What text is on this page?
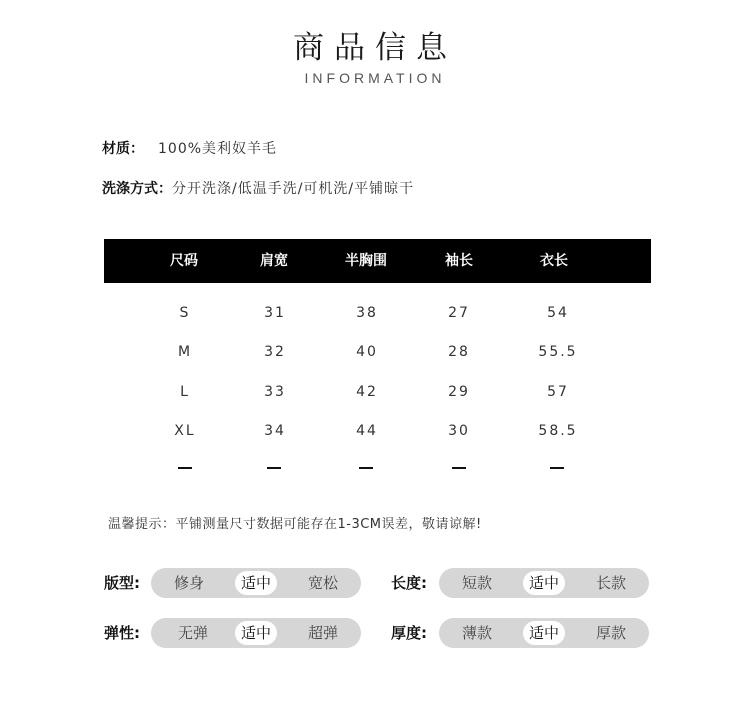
商品信息
INFORMATION
材质： 100%美利奴羊毛
洗涤方式：分开洗涤/低温手洗/可机洗/平铺晾干
尺码	肩宽	半胸围	袖长	衣长
S	31	38	27	54
M	32	40	28	55.5
L	33	42	29	57
XL	34	44	30	58.5
温馨提示：平铺测量尺寸数据可能存在1-3CM误差，敬请谅解!
版型: 修身	适中	宽松	长度: 短款	适中	长款
弹性:	无弹	适中	超弹	厚度: 薄款	适中	厚款
